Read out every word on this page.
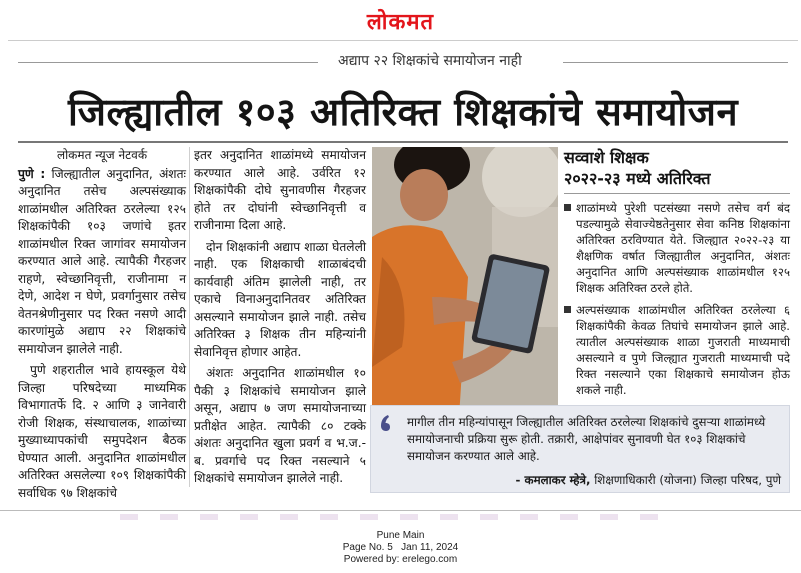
लोकमत
अद्याप २२ शिक्षकांचे समायोजन नाही
जिल्ह्यातील १०३ अतिरिक्त शिक्षकांचे समायोजन
लोकमत न्यूज नेटवर्क

पुणे : जिल्ह्यातील अनुदानित, अंशतः अनुदानित तसेच अल्पसंख्याक शाळांमधील अतिरिक्त ठरलेल्या १२५ शिक्षकांपैकी १०३ जणांचे इतर शाळांमधील रिक्त जागांवर समायोजन करण्यात आले आहे. त्यापैकी गैरहजर राहणे, स्वेच्छानिवृत्ती, राजीनामा न देणे, आदेश न घेणे, प्रवर्गानुसार तसेच वेतनश्रेणीनुसार पद रिक्त नसणे आदी कारणांमुळे अद्याप २२ शिक्षकांचे समायोजन झालेले नाही.

पुणे शहरातील भावे हायस्कूल येथे जिल्हा परिषदेच्या माध्यमिक विभागातर्फे दि. २ आणि ३ जानेवारी रोजी शिक्षक, संस्थाचालक, शाळांच्या मुख्याध्यापकांची समुपदेशन बैठक घेण्यात आली. अनुदानित शाळांमधील अतिरिक्त असलेल्या १०९ शिक्षकांपैकी सर्वाधिक ९७ शिक्षकांचे

इतर अनुदानित शाळांमध्ये समायोजन करण्यात आले आहे. उर्वरित १२ शिक्षकांपैकी दोघे सुनावणीस गैरहजर होते तर दोघांनी स्वेच्छानिवृत्ती व राजीनामा दिला आहे.

दोन शिक्षकांनी अद्याप शाळा घेतलेली नाही. एक शिक्षकाची शाळाबंदची कार्यवाही अंतिम झालेली नाही, तर एकाचे विनाअनुदानितवर अतिरिक्त असल्याने समायोजन झाले नाही. तसेच अतिरिक्त ३ शिक्षक तीन महिन्यांनी सेवानिवृत्त होणार आहेत.

अंशतः अनुदानित शाळांमधील १० पैकी ३ शिक्षकांचे समायोजन झाले असून, अद्याप ७ जण समायोजनाच्या प्रतीक्षेत आहेत. त्यापैकी ८० टक्के अंशतः अनुदानित खुला प्रवर्ग व भ.ज.-ब. प्रवर्गाचे पद रिक्त नसल्याने ५ शिक्षकांचे समायोजन झालेले नाही.

सव्वाशे शिक्षक
२०२२-२३ मध्ये अतिरिक्त
शाळांमध्ये पुरेशी पटसंख्या नसणे तसेच वर्ग बंद पडल्यामुळे सेवाज्येष्ठतेनुसार सेवा कनिष्ठ शिक्षकांना अतिरिक्त ठरविण्यात येते. जिल्ह्यात २०२२-२३ या शैक्षणिक वर्षात जिल्ह्यातील अनुदानित, अंशतः अनुदानित आणि अल्पसंख्याक शाळांमधील १२५ शिक्षक अतिरिक्त ठरले होते.
अल्पसंख्याक शाळांमधील अतिरिक्त ठरलेल्या ६ शिक्षकांपैकी केवळ तिघांचे समायोजन झाले आहे. त्यातील अल्पसंख्याक शाळा गुजराती माध्यमाची असल्याने व पुणे जिल्ह्यात गुजराती माध्यमाची पदे रिक्त नसल्याने एका शिक्षकाचे समायोजन होऊ शकले नाही.
मागील तीन महिन्यांपासून जिल्ह्यातील अतिरिक्त ठरलेल्या शिक्षकांचे दुसऱ्या शाळांमध्ये समायोजनाची प्रक्रिया सुरू होती. तक्रारी, आक्षेपांवर सुनावणी घेत १०३ शिक्षकांचे समायोजन करण्यात आले आहे.
- कमलाकर म्हेत्रे, शिक्षणाधिकारी (योजना) जिल्हा परिषद, पुणे
Pune Main
Page No. 5 Jan 11, 2024
Powered by: erelego.com
